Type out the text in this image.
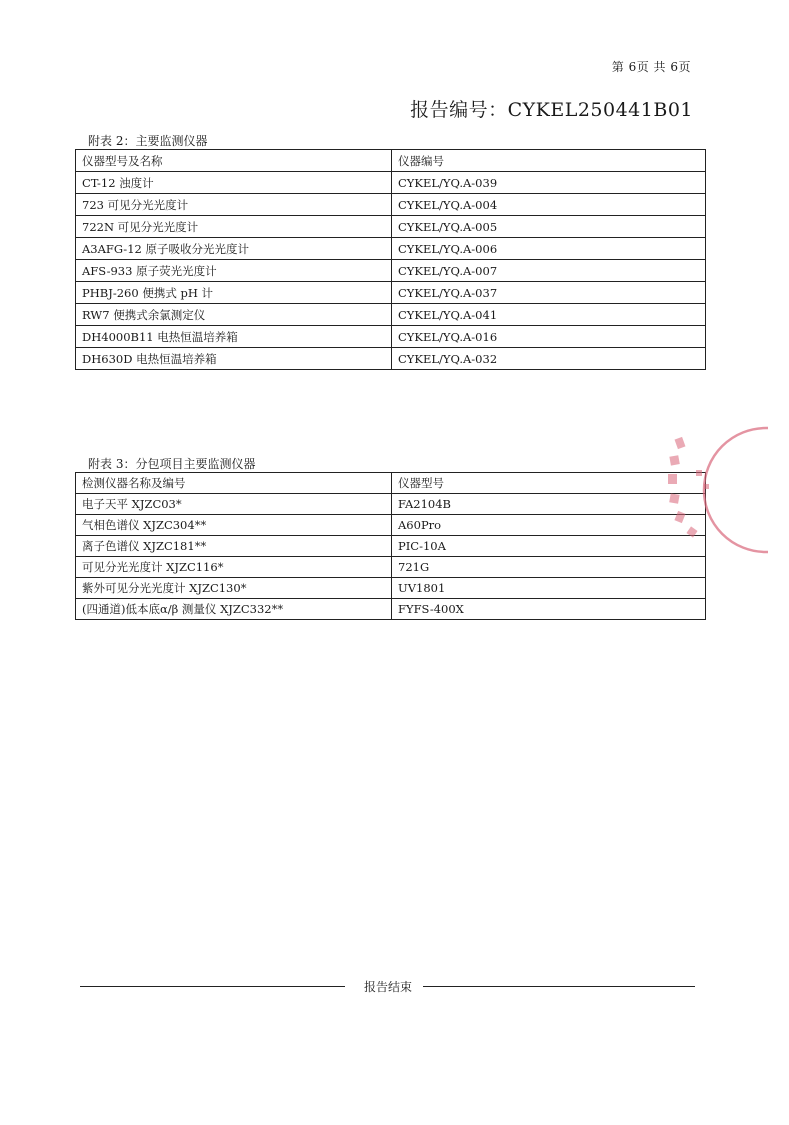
第 6页 共 6页
报告编号：CYKEL250441B01
附表 2：主要监测仪器
仪器型号及名称	仪器编号
CT-12 浊度计	CYKEL/YQ.A-039
723 可见分光光度计	CYKEL/YQ.A-004
722N 可见分光光度计	CYKEL/YQ.A-005
A3AFG-12 原子吸收分光光度计	CYKEL/YQ.A-006
AFS-933 原子荧光光度计	CYKEL/YQ.A-007
PHBJ-260 便携式 pH 计	CYKEL/YQ.A-037
RW7 便携式余氯测定仪	CYKEL/YQ.A-041
DH4000B11 电热恒温培养箱	CYKEL/YQ.A-016
DH630D 电热恒温培养箱	CYKEL/YQ.A-032
附表 3：分包项目主要监测仪器
检测仪器名称及编号	仪器型号
电子天平 XJZC03*	FA2104B
气相色谱仪 XJZC304**	A60Pro
离子色谱仪 XJZC181**	PIC-10A
可见分光光度计 XJZC116*	721G
紫外可见分光光度计 XJZC130*	UV1801
(四通道)低本底α/β 测量仪 XJZC332**	FYFS-400X
报告结束
